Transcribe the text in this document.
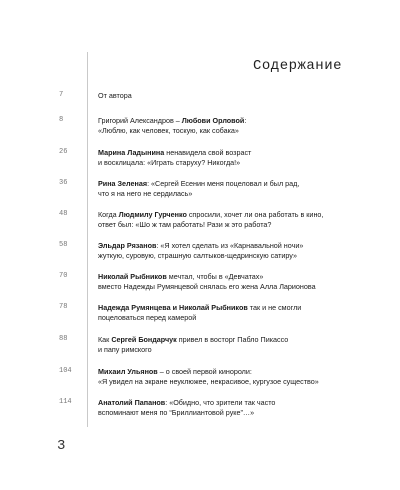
Содержание
7	От автора
8	Григорий Александров – Любови Орловой:
«Люблю, как человек, тоскую, как собака»
26	Марина Ладынина ненавидела свой возраст
и восклицала: «Играть старуху? Никогда!»
36	Рина Зеленая: «Сергей Есенин меня поцеловал и был рад,
что я на него не сердилась»
48	Когда Людмилу Гурченко спросили, хочет ли она работать в кино,
ответ был: «Шо ж там работать! Рази ж это работа?
58	Эльдар Рязанов: «Я хотел сделать из «Карнавальной ночи»
жуткую, суровую, страшную салтыков-щедринскую сатиру»
70	Николай Рыбников мечтал, чтобы в «Девчатах»
вместо Надежды Румянцевой снялась его жена Алла Ларионова
78	Надежда Румянцева и Николай Рыбников так и не смогли
поцеловаться перед камерой
88	Как Сергей Бондарчук привел в восторг Пабло Пикассо
и папу римского
104	Михаил Ульянов – о своей первой кинороли:
«Я увидел на экране неуклюжее, некрасивое, кургузое существо»
114	Анатолий Папанов: «Обидно, что зрители так часто
вспоминают меня по “Бриллиантовой руке”…»
3
